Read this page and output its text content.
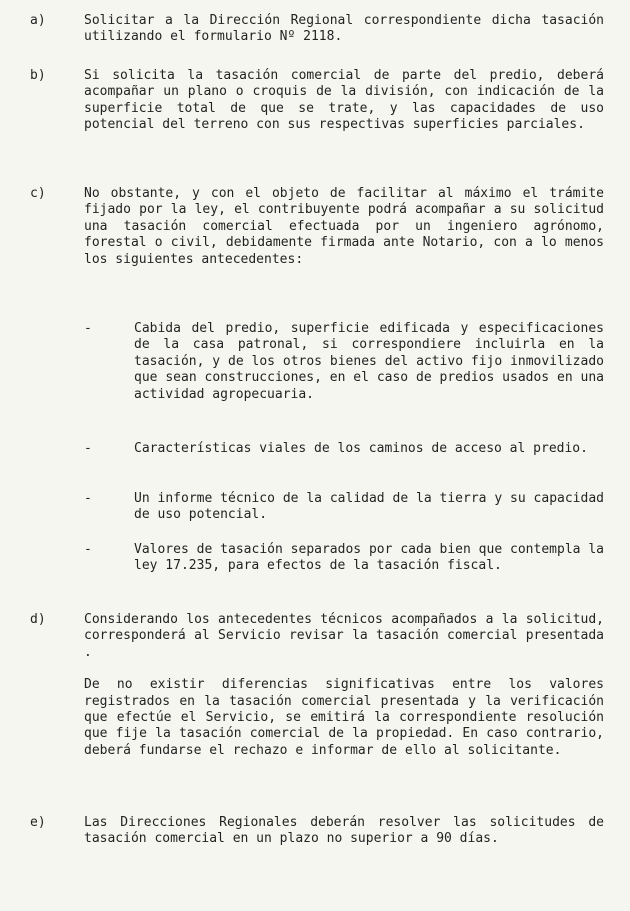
a)	Solicitar a la Dirección Regional correspondiente dicha tasación utilizando el formulario Nº 2118.

b)	Si solicita la tasación comercial de parte del predio, deberá acompañar un plano o croquis de la división, con indicación de la superficie total de que se trate, y las capacidades de uso potencial del terreno con sus respectivas superficies parciales.

c)	No obstante, y con el objeto de facilitar al máximo el trámite fijado por la ley, el contribuyente podrá acompañar a su solicitud una tasación comercial efectuada por un ingeniero agrónomo, forestal o civil, debidamente firmada ante Notario, con a lo menos los siguientes antecedentes:

-	Cabida del predio, superficie edificada y especificaciones de la casa patronal, si correspondiere incluirla en la tasación, y de los otros bienes del activo fijo inmovilizado que sean construcciones, en el caso de predios usados en una actividad agropecuaria.

-	Características viales de los caminos de acceso al predio.

-	Un informe técnico de la calidad de la tierra y su capacidad de uso potencial.

-	Valores de tasación separados por cada bien que contempla la ley 17.235, para efectos de la tasación fiscal.

d)	Considerando los antecedentes técnicos acompañados a la solicitud, corresponderá al Servicio revisar la tasación comercial presentada .

De no existir diferencias significativas entre los valores registrados en la tasación comercial presentada y la verificación que efectúe el Servicio, se emitirá la correspondiente resolución que fije la tasación comercial de la propiedad. En caso contrario, deberá fundarse el rechazo e informar de ello al solicitante.

e)	Las Direcciones Regionales deberán resolver las solicitudes de tasación comercial en un plazo no superior a 90 días.
